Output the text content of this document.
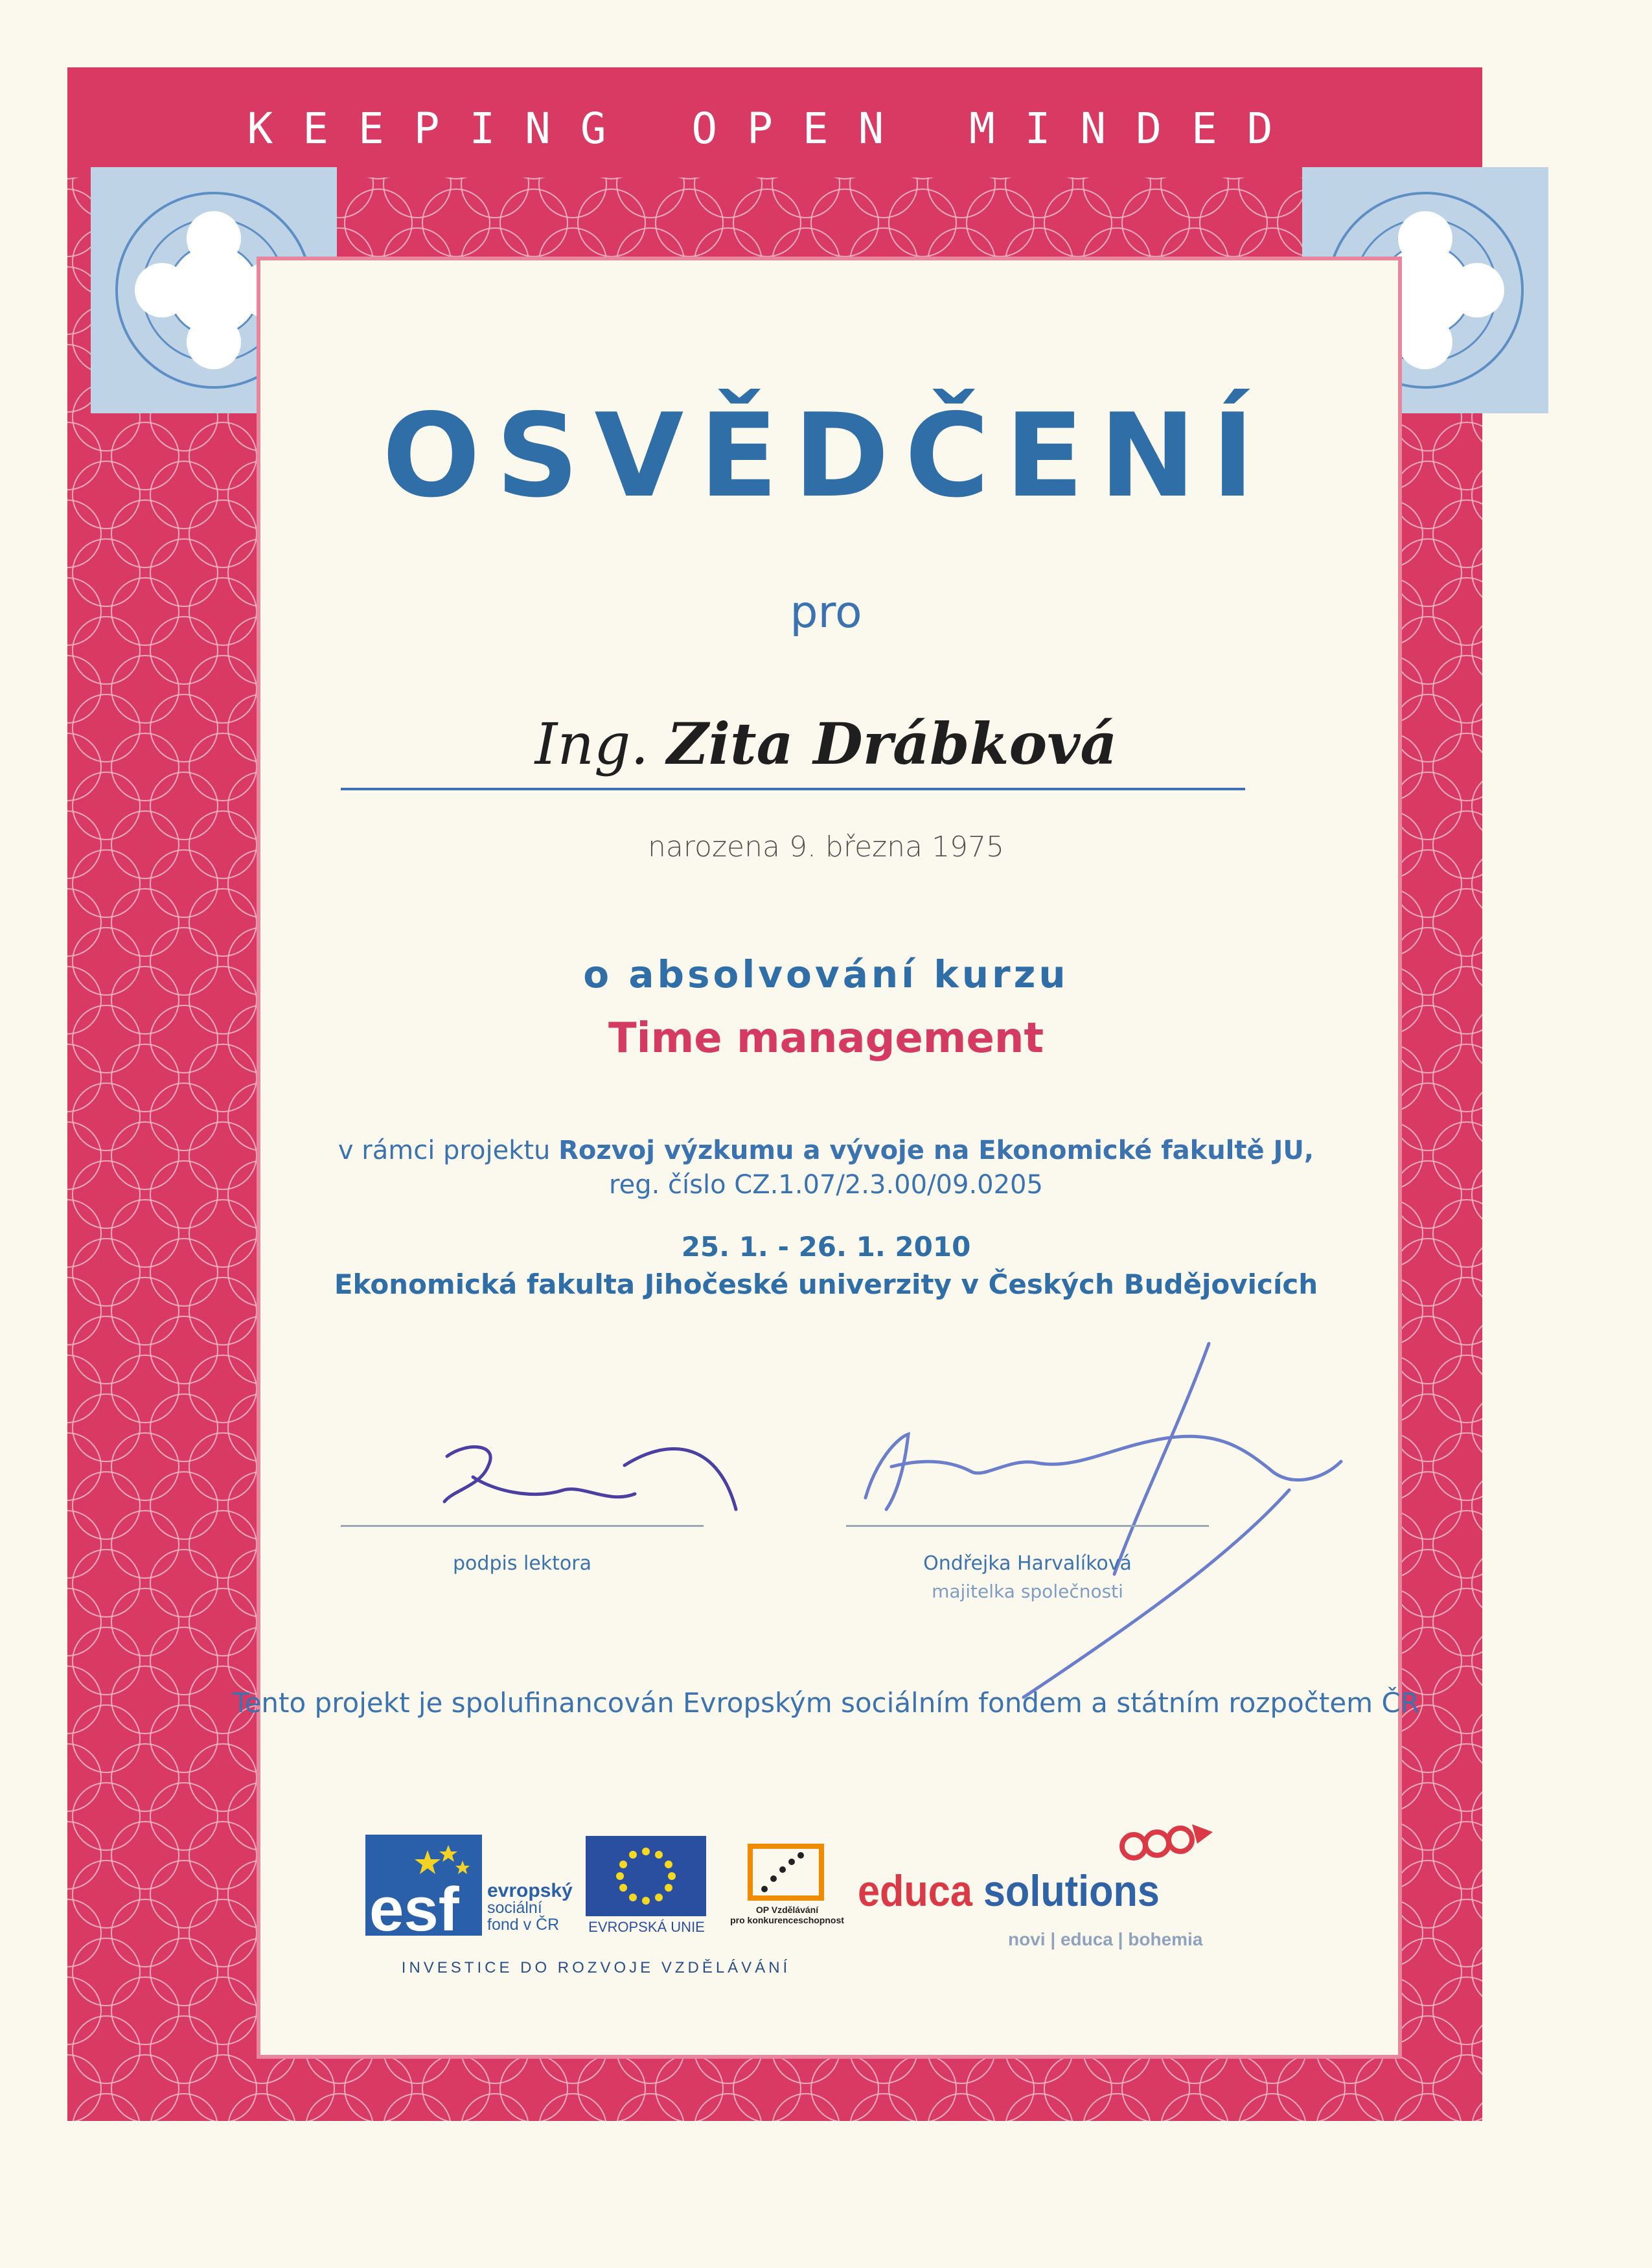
KEEPING OPEN MINDED
OSVĚDČENÍ

pro

Ing. Zita Drábková

narozena 9. března 1975

o absolvování kurzu

Time management

v rámci projektu Rozvoj výzkumu a vývoje na Ekonomické fakultě JU,

reg. číslo CZ.1.07/2.3.00/09.0205

25. 1. - 26. 1. 2010

Ekonomická fakulta Jihočeské univerzity v Českých Budějovicích

podpis lektora	Ondřejka Harvalíková
majitelka společnosti

Tento projekt je spolufinancován Evropským sociálním fondem a státním rozpočtem ČR

esf evropský
sociální
fond v ČR	EVROPSKÁ UNIE
OP Vzdělávání
pro konkurenceschopnost
educa solutions
novi | educa | bohemia
INVESTICE DO ROZVOJE VZDĚLÁVÁNÍ
